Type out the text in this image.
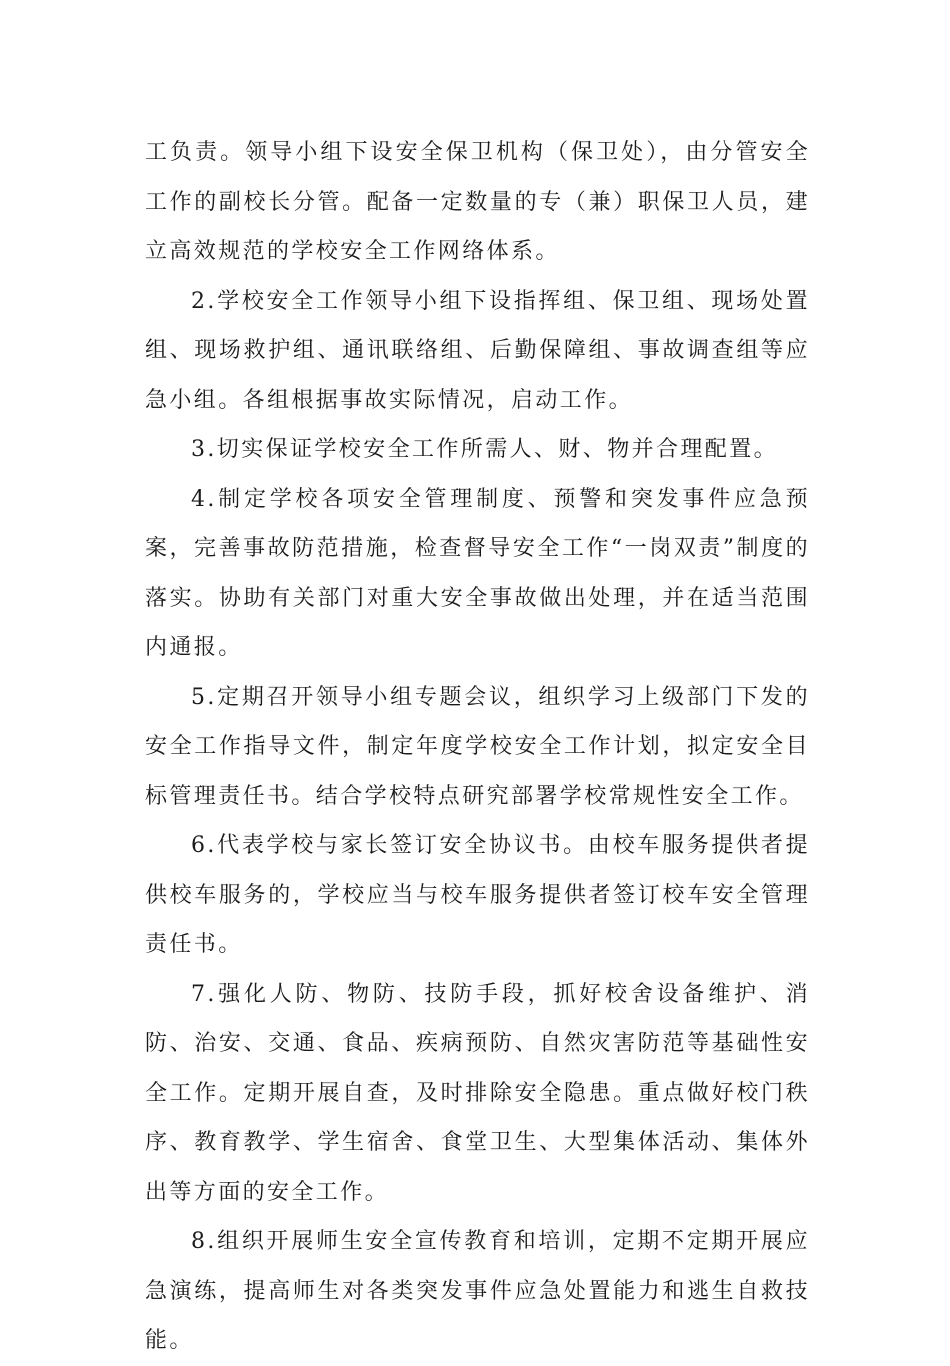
工负责。领导小组下设安全保卫机构（保卫处），由分管安全工作的副校长分管。配备一定数量的专（兼）职保卫人员，建立高效规范的学校安全工作网络体系。

2.学校安全工作领导小组下设指挥组、保卫组、现场处置组、现场救护组、通讯联络组、后勤保障组、事故调查组等应急小组。各组根据事故实际情况，启动工作。

3.切实保证学校安全工作所需人、财、物并合理配置。

4.制定学校各项安全管理制度、预警和突发事件应急预案，完善事故防范措施，检查督导安全工作“一岗双责”制度的落实。协助有关部门对重大安全事故做出处理，并在适当范围内通报。

5.定期召开领导小组专题会议，组织学习上级部门下发的安全工作指导文件，制定年度学校安全工作计划，拟定安全目标管理责任书。结合学校特点研究部署学校常规性安全工作。

6.代表学校与家长签订安全协议书。由校车服务提供者提供校车服务的，学校应当与校车服务提供者签订校车安全管理责任书。

7.强化人防、物防、技防手段，抓好校舍设备维护、消防、治安、交通、食品、疾病预防、自然灾害防范等基础性安全工作。定期开展自查，及时排除安全隐患。重点做好校门秩序、教育教学、学生宿舍、食堂卫生、大型集体活动、集体外出等方面的安全工作。

8.组织开展师生安全宣传教育和培训，定期不定期开展应急演练，提高师生对各类突发事件应急处置能力和逃生自救技能。
